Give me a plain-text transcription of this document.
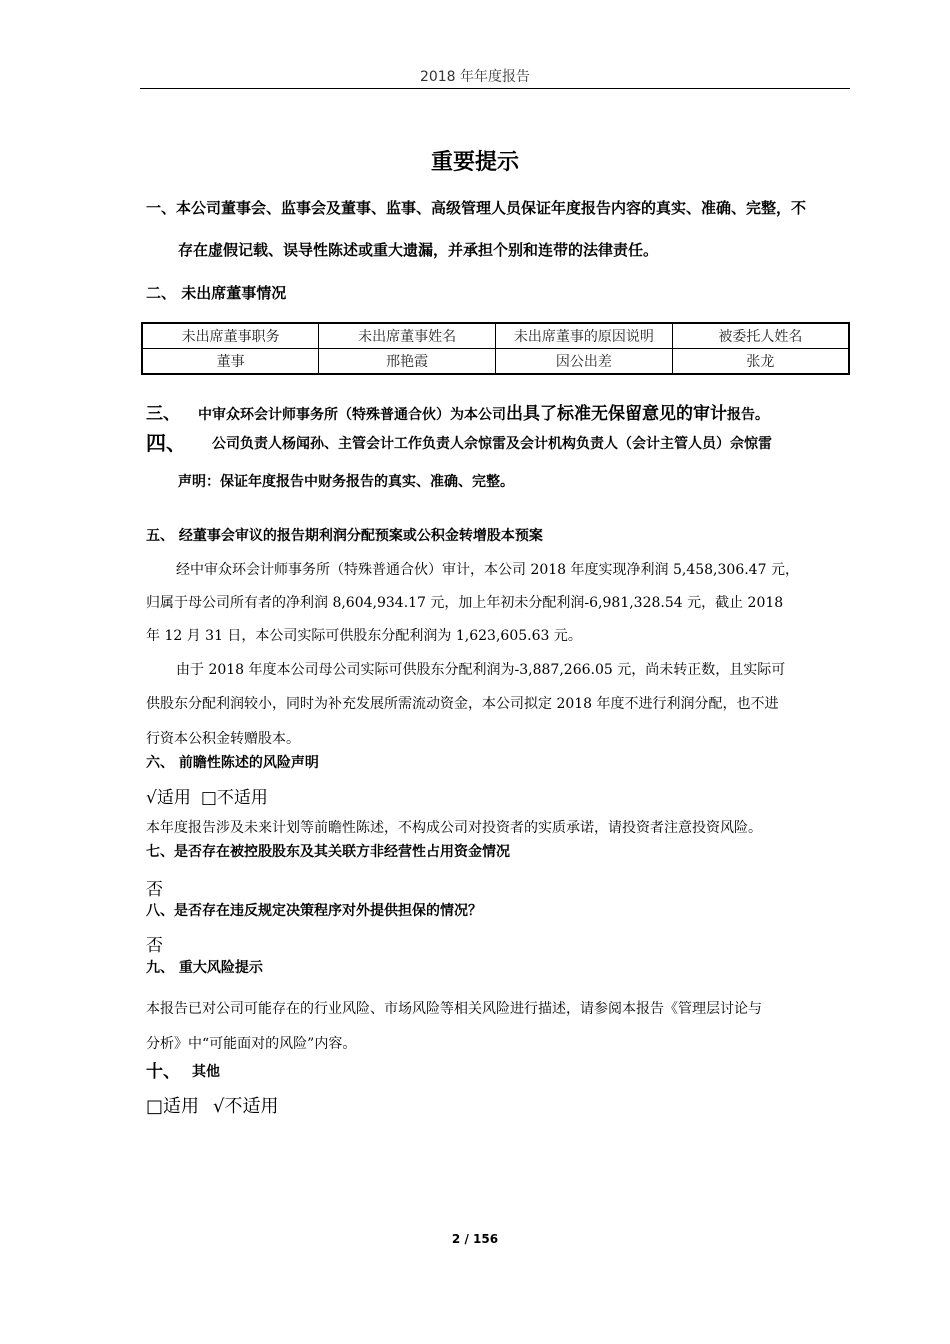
2018 年年度报告
重要提示
一、本公司董事会、监事会及董事、监事、高级管理人员保证年度报告内容的真实、准确、完整，不
存在虚假记载、误导性陈述或重大遗漏，并承担个别和连带的法律责任。
二、 未出席董事情况
未出席董事职务	未出席董事姓名	未出席董事的原因说明	被委托人姓名
董事	邢艳霞	因公出差	张龙
三、 中审众环会计师事务所（特殊普通合伙）为本公司出具了标准无保留意见的审计报告。
四、 公司负责人杨闻孙、主管会计工作负责人佘惊雷及会计机构负责人（会计主管人员）佘惊雷
声明：保证年度报告中财务报告的真实、准确、完整。
五、 经董事会审议的报告期利润分配预案或公积金转增股本预案
经中审众环会计师事务所（特殊普通合伙）审计，本公司 2018 年度实现净利润 5,458,306.47 元，
归属于母公司所有者的净利润 8,604,934.17 元，加上年初未分配利润-6,981,328.54 元，截止 2018
年 12 月 31 日，本公司实际可供股东分配利润为 1,623,605.63 元。
由于 2018 年度本公司母公司实际可供股东分配利润为-3,887,266.05 元，尚未转正数，且实际可
供股东分配利润较小，同时为补充发展所需流动资金，本公司拟定 2018 年度不进行利润分配，也不进
行资本公积金转赠股本。
六、 前瞻性陈述的风险声明
√适用 □不适用
本年度报告涉及未来计划等前瞻性陈述，不构成公司对投资者的实质承诺，请投资者注意投资风险。
七、是否存在被控股股东及其关联方非经营性占用资金情况
否
八、是否存在违反规定决策程序对外提供担保的情况？
否
九、 重大风险提示
本报告已对公司可能存在的行业风险、市场风险等相关风险进行描述，请参阅本报告《管理层讨论与
分析》中“可能面对的风险”内容。
十、 其他
□适用 √不适用
2 / 156
